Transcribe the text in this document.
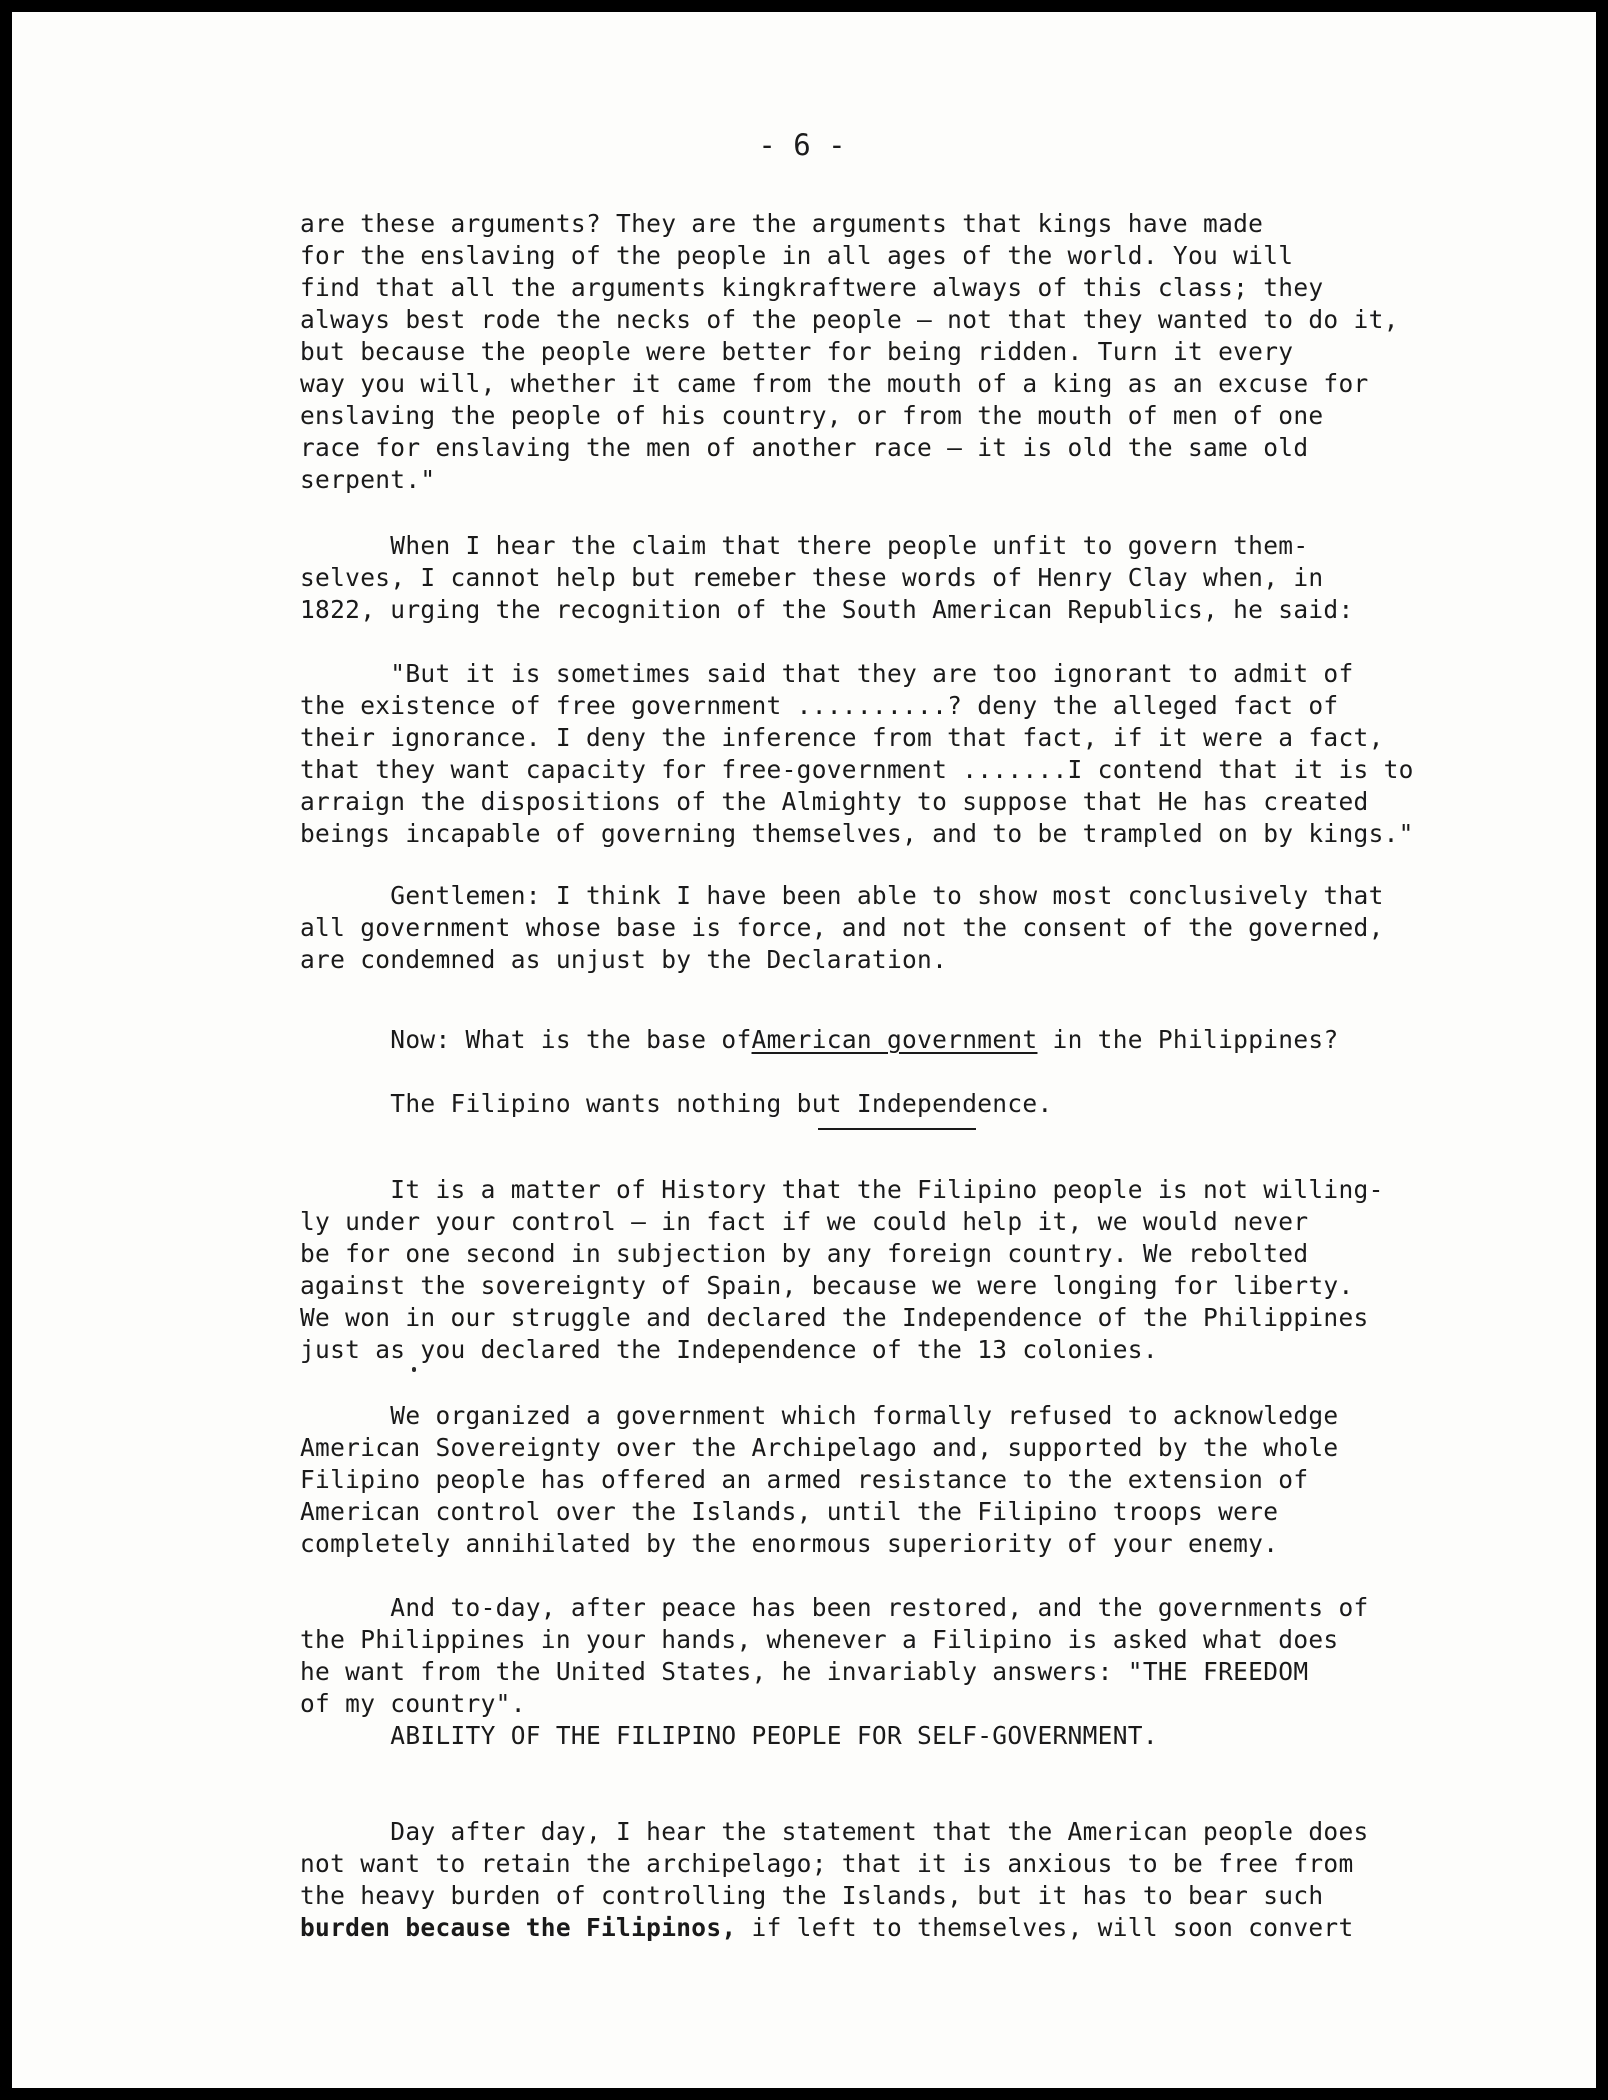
- 6 -
are these arguments? They are the arguments that kings have made
for the enslaving of the people in all ages of the world. You will
find that all the arguments kingkraftwere always of this class; they
always best rode the necks of the people — not that they wanted to do it,
but because the people were better for being ridden. Turn it every
way you will, whether it came from the mouth of a king as an excuse for
enslaving the people of his country, or from the mouth of men of one
race for enslaving the men of another race — it is old the same old
serpent."
When I hear the claim that there people unfit to govern them-
selves, I cannot help but remeber these words of Henry Clay when, in
1822, urging the recognition of the South American Republics, he said:
"But it is sometimes said that they are too ignorant to admit of
the existence of free government ..........? deny the alleged fact of
their ignorance. I deny the inference from that fact, if it were a fact,
that they want capacity for free-government .......I contend that it is to
arraign the dispositions of the Almighty to suppose that He has created
beings incapable of governing themselves, and to be trampled on by kings."
Gentlemen: I think I have been able to show most conclusively that
all government whose base is force, and not the consent of the governed,
are condemned as unjust by the Declaration.
Now: What is the base ofAmerican government in the Philippines?
The Filipino wants nothing but Independence.
It is a matter of History that the Filipino people is not willing-
ly under your control — in fact if we could help it, we would never
be for one second in subjection by any foreign country. We rebolted
against the sovereignty of Spain, because we were longing for liberty.
We won in our struggle and declared the Independence of the Philippines
just as you declared the Independence of the 13 colonies.
We organized a government which formally refused to acknowledge
American Sovereignty over the Archipelago and, supported by the whole
Filipino people has offered an armed resistance to the extension of
American control over the Islands, until the Filipino troops were
completely annihilated by the enormous superiority of your enemy.
And to-day, after peace has been restored, and the governments of
the Philippines in your hands, whenever a Filipino is asked what does
he want from the United States, he invariably answers: "THE FREEDOM
of my country".
ABILITY OF THE FILIPINO PEOPLE FOR SELF-GOVERNMENT.
Day after day, I hear the statement that the American people does
not want to retain the archipelago; that it is anxious to be free from
the heavy burden of controlling the Islands, but it has to bear such
burden because the Filipinos, if left to themselves, will soon convert
